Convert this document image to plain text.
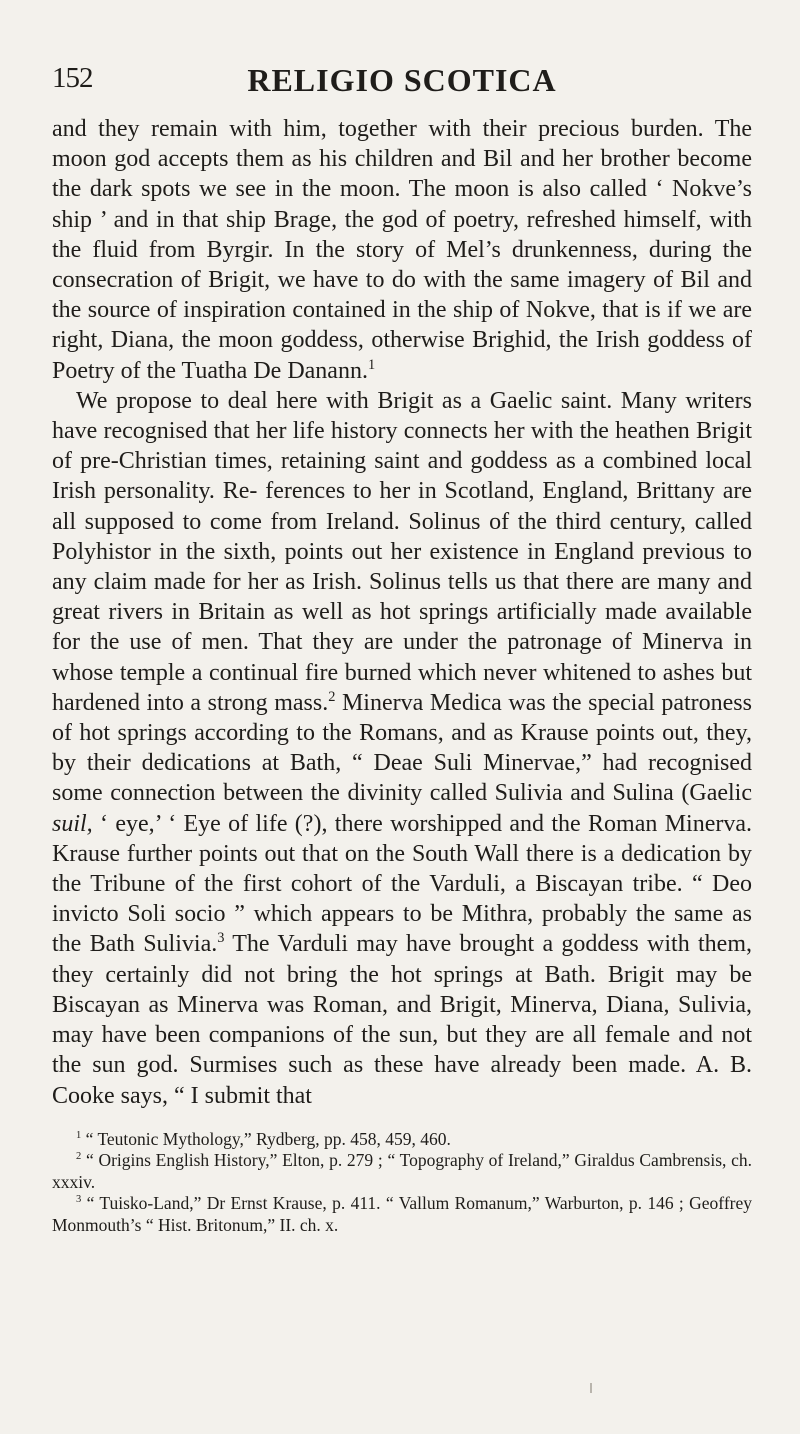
152	RELIGIO SCOTICA

and they remain with him, together with their precious burden. The moon god accepts them as his children and Bil and her brother become the dark spots we see in the moon. The moon is also called ‘ Nokve’s ship ’ and in that ship Brage, the god of poetry, refreshed himself, with the fluid from Byrgir. In the story of Mel’s drunkenness, during the consecration of Brigit, we have to do with the same imagery of Bil and the source of inspiration contained in the ship of Nokve, that is if we are right, Diana, the moon goddess, otherwise Brighid, the Irish goddess of Poetry of the Tuatha De Danann.$^1$

We propose to deal here with Brigit as a Gaelic saint. Many writers have recognised that her life history connects her with the heathen Brigit of pre-Christian times, retaining saint and goddess as a combined local Irish personality. Re- ferences to her in Scotland, England, Brittany are all supposed to come from Ireland. Solinus of the third century, called Polyhistor in the sixth, points out her existence in England previous to any claim made for her as Irish. Solinus tells us that there are many and great rivers in Britain as well as hot springs artificially made available for the use of men. That they are under the patronage of Minerva in whose temple a continual fire burned which never whitened to ashes but hardened into a strong mass.$^2$ Minerva Medica was the special patroness of hot springs according to the Romans, and as Krause points out, they, by their dedications at Bath, “ Deae Suli Minervae,” had recognised some connection between the divinity called Sulivia and Sulina (Gaelic suil, ‘ eye,’ ‘ Eye of life (?), there worshipped and the Roman Minerva. Krause further points out that on the South Wall there is a dedication by the Tribune of the first cohort of the Varduli, a Biscayan tribe. “ Deo invicto Soli socio ” which appears to be Mithra, probably the same as the Bath Sulivia.$^3$ The Varduli may have brought a goddess with them, they certainly did not bring the hot springs at Bath. Brigit may be Biscayan as Minerva was Roman, and Brigit, Minerva, Diana, Sulivia, may have been companions of the sun, but they are all female and not the sun god. Surmises such as these have already been made. A. B. Cooke says, “ I submit that

$^1$ “ Teutonic Mythology,” Rydberg, pp. 458, 459, 460.

$^2$ “ Origins English History,” Elton, p. 279 ; “ Topography of Ireland,” Giraldus Cambrensis, ch. xxxiv.

$^3$ “ Tuisko-Land,” Dr Ernst Krause, p. 411. “ Vallum Romanum,” Warburton, p. 146 ; Geoffrey Monmouth’s “ Hist. Britonum,” II. ch. x.
